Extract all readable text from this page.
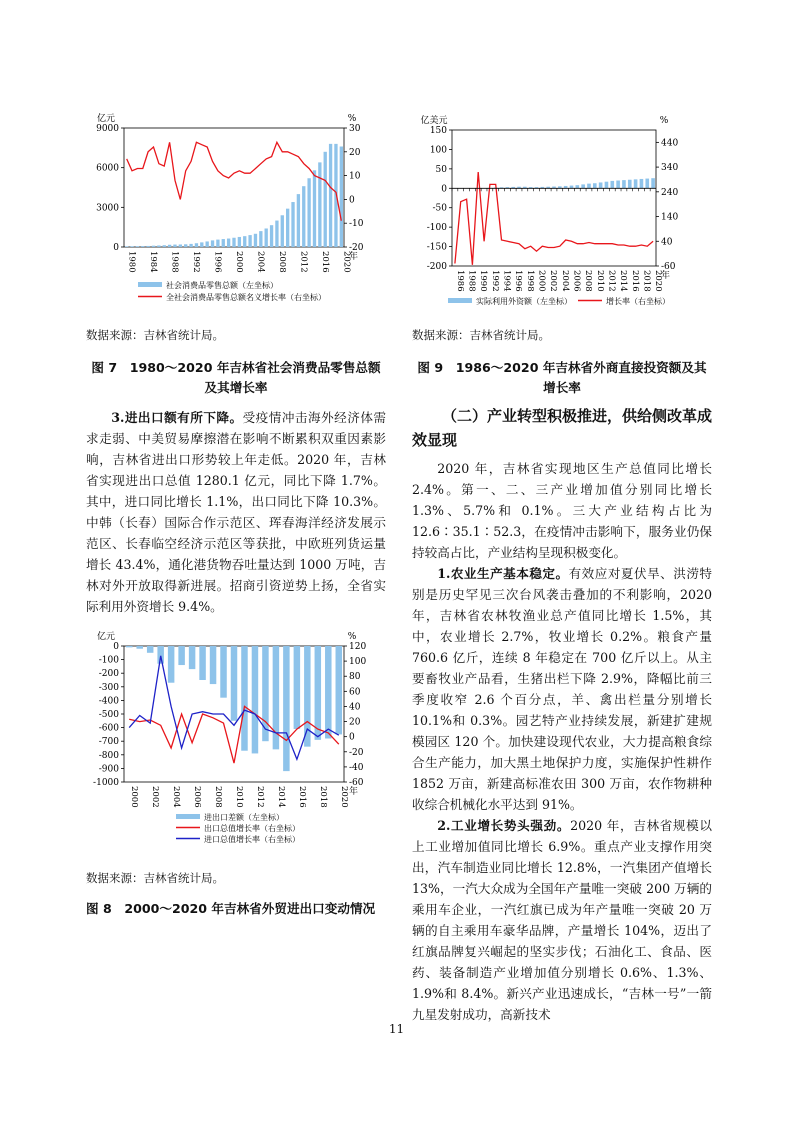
0
3000
6000
9000
-20
-10
0
10
20
30
亿元	%
1980 1984 1988 1992 1996 2000 2004 2008 2012 2016 2020
年
社会消费品零售总额（左坐标）
全社会消费品零售总额名义增长率（右坐标）
数据来源：吉林省统计局。
图 7　1980～2020 年吉林省社会消费品零售总额
及其增长率

3.进出口额有所下降。受疫情冲击海外经济体需求走弱、中美贸易摩擦潜在影响不断累积双重因素影响，吉林省进出口形势较上年走低。2020 年，吉林省实现进出口总值 1280.1 亿元，同比下降 1.7%。其中，进口同比增长 1.1%，出口同比下降 10.3%。中韩（长春）国际合作示范区、珲春海洋经济发展示范区、长春临空经济示范区等获批，中欧班列货运量增长 43.4%，通化港货物吞吐量达到 1000 万吨，吉林对外开放取得新进展。招商引资逆势上扬，全省实际利用外资增长 9.4%。

0
-100
-200
-300
-400
-500
-600
-700
-800
-900
-1000	-60
-40
-20
0
20
40
60
80
100
120
亿元	%
2000 2002 2004 2006 2008 2010 2012 2014 2016 2018 2020 年
进出口差额（左坐标）
出口总值增长率（右坐标）
进口总值增长率（右坐标）
数据来源：吉林省统计局。
图 8　2000～2020 年吉林省外贸进出口变动情况
150
100
50
0
-50
-100
-150
-200
440
340
240
140
40
-60
亿美元	%
1986 1988 1990 1992 1994 1996 1998 2000 2002 2004 2006 2008 2010 2012 2014 2016 2018 2020
年
实际利用外资额（左坐标）	增长率（右坐标）
数据来源：吉林省统计局。
图 9　1986～2020 年吉林省外商直接投资额及其
增长率
（二）产业转型积极推进，供给侧改革成效显现

2020 年，吉林省实现地区生产总值同比增长 2.4%。第一、二、三产业增加值分别同比增长 1.3%、5.7%和 0.1%。三大产业结构占比为 12.6∶35.1∶52.3，在疫情冲击影响下，服务业仍保持较高占比，产业结构呈现积极变化。

1.农业生产基本稳定。有效应对夏伏旱、洪涝特别是历史罕见三次台风袭击叠加的不利影响，2020 年，吉林省农林牧渔业总产值同比增长 1.5%，其中，农业增长 2.7%，牧业增长 0.2%。粮食产量 760.6 亿斤，连续 8 年稳定在 700 亿斤以上。从主要畜牧业产品看，生猪出栏下降 2.9%，降幅比前三季度收窄 2.6 个百分点，羊、禽出栏量分别增长 10.1%和 0.3%。园艺特产业持续发展，新建扩建规模园区 120 个。加快建设现代农业，大力提高粮食综合生产能力，加大黑土地保护力度，实施保护性耕作 1852 万亩，新建高标准农田 300 万亩，农作物耕种收综合机械化水平达到 91%。

2.工业增长势头强劲。2020 年，吉林省规模以上工业增加值同比增长 6.9%。重点产业支撑作用突出，汽车制造业同比增长 12.8%，一汽集团产值增长 13%，一汽大众成为全国年产量唯一突破 200 万辆的乘用车企业，一汽红旗已成为年产量唯一突破 20 万辆的自主乘用车豪华品牌，产量增长 104%，迈出了红旗品牌复兴崛起的坚实步伐；石油化工、食品、医药、装备制造产业增加值分别增长 0.6%、1.3%、1.9%和 8.4%。新兴产业迅速成长，“吉林一号”一箭九星发射成功，高新技术

11
